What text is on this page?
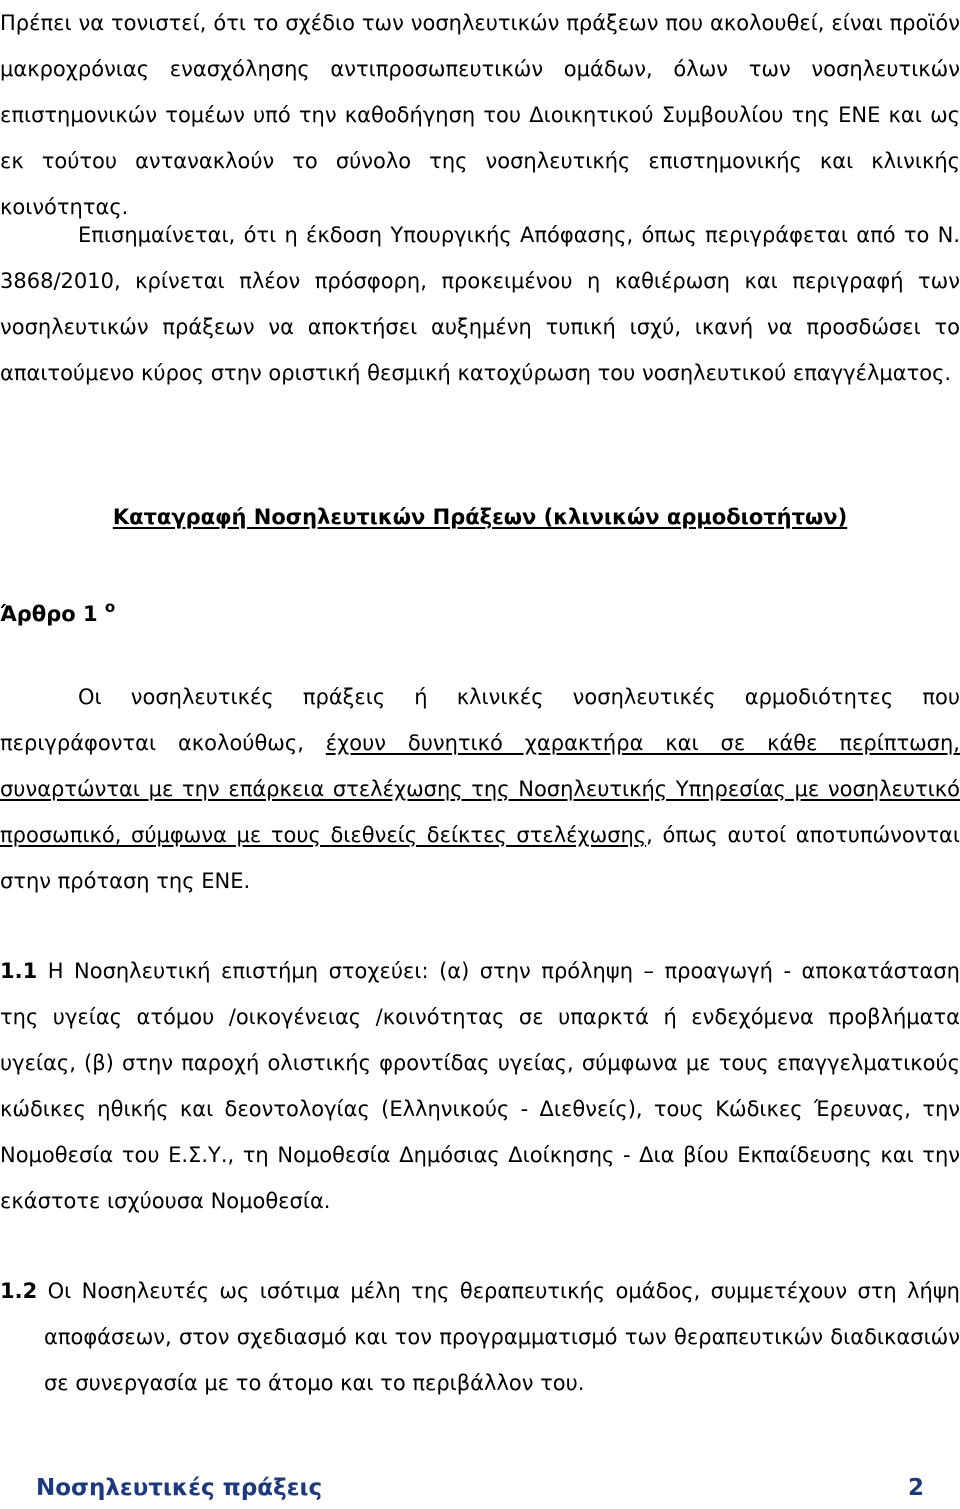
Πρέπει να τονιστεί, ότι το σχέδιο των νοσηλευτικών πράξεων που ακολουθεί, είναι προϊόν μακροχρόνιας ενασχόλησης αντιπροσωπευτικών ομάδων, όλων των νοσηλευτικών επιστημονικών τομέων υπό την καθοδήγηση του Διοικητικού Συμβουλίου της ΕΝΕ και ως εκ τούτου αντανακλούν το σύνολο της νοσηλευτικής επιστημονικής και κλινικής κοινότητας.

Επισημαίνεται, ότι η έκδοση Υπουργικής Απόφασης, όπως περιγράφεται από το Ν. 3868/2010, κρίνεται πλέον πρόσφορη, προκειμένου η καθιέρωση και περιγραφή των νοσηλευτικών πράξεων να αποκτήσει αυξημένη τυπική ισχύ, ικανή να προσδώσει το απαιτούμενο κύρος στην οριστική θεσμική κατοχύρωση του νοσηλευτικού επαγγέλματος.

Καταγραφή Νοσηλευτικών Πράξεων (κλινικών αρμοδιοτήτων)
Άρθρο 1 $^o$

Οι νοσηλευτικές πράξεις ή κλινικές νοσηλευτικές αρμοδιότητες που περιγράφονται ακολούθως, έχουν δυνητικό χαρακτήρα και σε κάθε περίπτωση, συναρτώνται με την επάρκεια στελέχωσης της Νοσηλευτικής Υπηρεσίας με νοσηλευτικό προσωπικό, σύμφωνα με τους διεθνείς δείκτες στελέχωσης, όπως αυτοί αποτυπώνονται στην πρόταση της ΕΝΕ.

1.1 Η Νοσηλευτική επιστήμη στοχεύει: (α) στην πρόληψη – προαγωγή - αποκατάσταση της υγείας ατόμου /οικογένειας /κοινότητας σε υπαρκτά ή ενδεχόμενα προβλήματα υγείας, (β) στην παροχή ολιστικής φροντίδας υγείας, σύμφωνα με τους επαγγελματικούς κώδικες ηθικής και δεοντολογίας (Ελληνικούς - Διεθνείς), τους Κώδικες Έρευνας, την Νομοθεσία του Ε.Σ.Υ., τη Νομοθεσία Δημόσιας Διοίκησης - Δια βίου Εκπαίδευσης και την εκάστοτε ισχύουσα Νομοθεσία.

1.2 Οι Νοσηλευτές ως ισότιμα μέλη της θεραπευτικής ομάδος, συμμετέχουν στη λήψη αποφάσεων, στον σχεδιασμό και τον προγραμματισμό των θεραπευτικών διαδικασιών σε συνεργασία με το άτομο και το περιβάλλον του.

Νοσηλευτικές πράξεις	2
